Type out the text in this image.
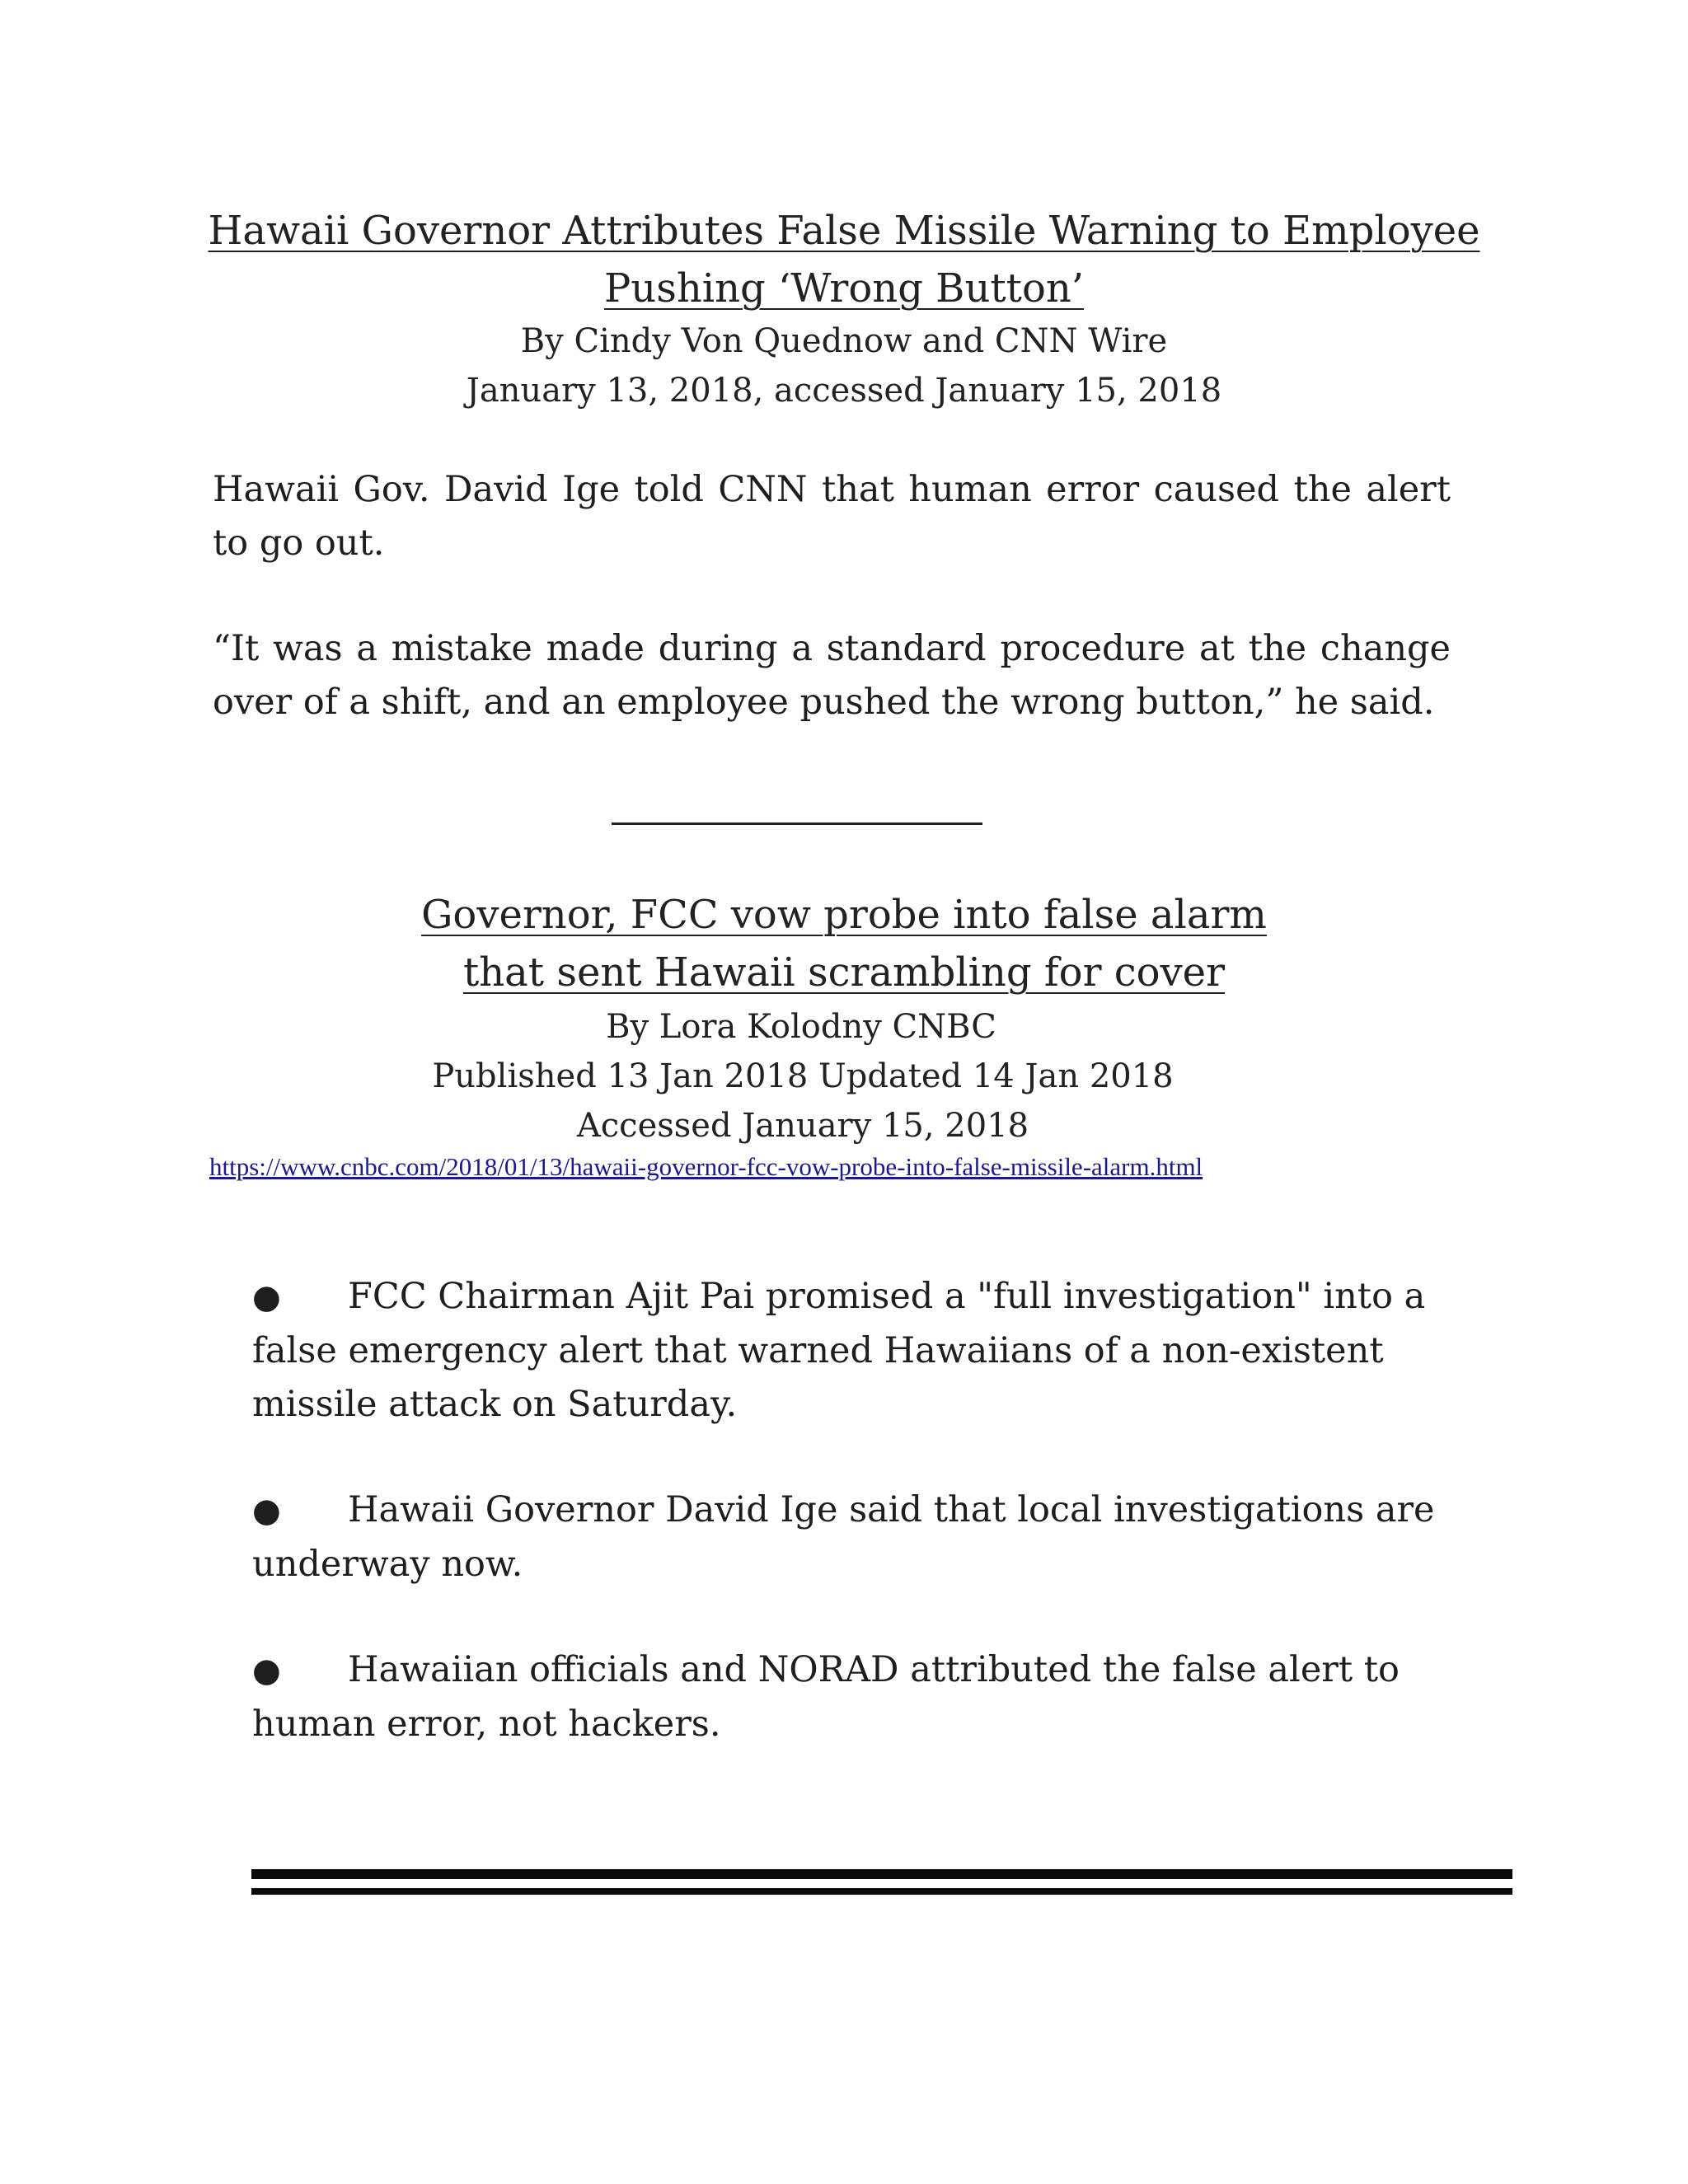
Hawaii Governor Attributes False Missile Warning to Employee
Pushing ‘Wrong Button’
By Cindy Von Quednow and CNN Wire
January 13, 2018, accessed January 15, 2018

Hawaii Gov. David Ige told CNN that human error caused the alert to go out.

“It was a mistake made during a standard procedure at the change over of a shift, and an employee pushed the wrong button,” he said.

Governor, FCC vow probe into false alarm
that sent Hawaii scrambling for cover
By Lora Kolodny CNBC
Published 13 Jan 2018 Updated 14 Jan 2018
Accessed January 15, 2018
https://www.cnbc.com/2018/01/13/hawaii-governor-fcc-vow-probe-into-false-missile-alarm.html
● FCC Chairman Ajit Pai promised a "full investigation" into a
false emergency alert that warned Hawaiians of a non-existent
missile attack on Saturday.
● Hawaii Governor David Ige said that local investigations are
underway now.
● Hawaiian officials and NORAD attributed the false alert to
human error, not hackers.
